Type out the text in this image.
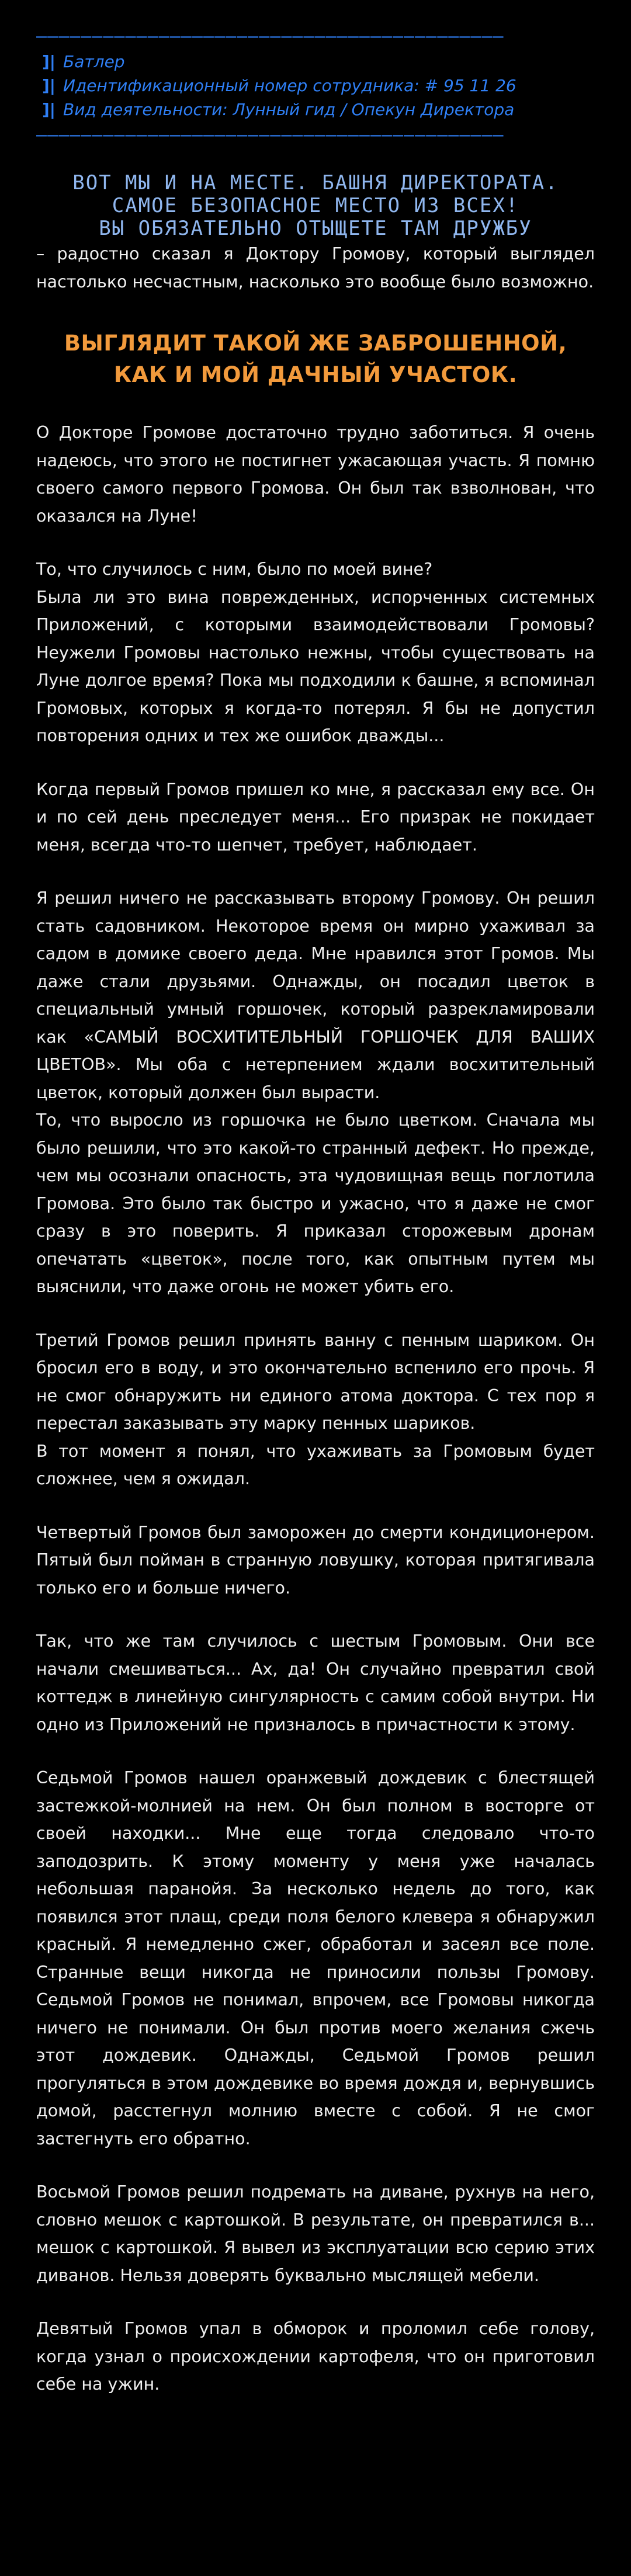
——————————————————————————————————————————
]| Батлер
]| Идентификационный номер сотрудника: # 95 11 26
]| Вид деятельности: Лунный гид / Опекун Директора
——————————————————————————————————————————
ВОТ МЫ И НА МЕСТЕ. БАШНЯ ДИРЕКТОРАТА.
САМОЕ БЕЗОПАСНОЕ МЕСТО ИЗ ВСЕХ!
ВЫ ОБЯЗАТЕЛЬНО ОТЫЩЕТЕ ТАМ ДРУЖБУ

– радостно сказал я Доктору Громову, который выглядел настолько несчастным, насколько это вообще было возможно.

ВЫГЛЯДИТ ТАКОЙ ЖЕ ЗАБРОШЕННОЙ,
КАК И МОЙ ДАЧНЫЙ УЧАСТОК.

О Докторе Громове достаточно трудно заботиться. Я очень надеюсь, что этого не постигнет ужасающая участь. Я помню своего самого первого Громова. Он был так взволнован, что оказался на Луне!

То, что случилось с ним, было по моей вине?

Была ли это вина поврежденных, испорченных системных Приложений, с которыми взаимодействовали Громовы? Неужели Громовы настолько нежны, чтобы существовать на Луне долгое время? Пока мы подходили к башне, я вспоминал Громовых, которых я когда-то потерял. Я бы не допустил повторения одних и тех же ошибок дважды...

Когда первый Громов пришел ко мне, я рассказал ему все. Он и по сей день преследует меня... Его призрак не покидает меня, всегда что-то шепчет, требует, наблюдает.

Я решил ничего не рассказывать второму Громову. Он решил стать садовником. Некоторое время он мирно ухаживал за садом в домике своего деда. Мне нравился этот Громов. Мы даже стали друзьями. Однажды, он посадил цветок в специальный умный горшочек, который разрекламировали как «САМЫЙ ВОСХИТИТЕЛЬНЫЙ ГОРШОЧЕК ДЛЯ ВАШИХ ЦВЕТОВ». Мы оба с нетерпением ждали восхитительный цветок, который должен был вырасти.

То, что выросло из горшочка не было цветком. Сначала мы было решили, что это какой-то странный дефект. Но прежде, чем мы осознали опасность, эта чудовищная вещь поглотила Громова. Это было так быстро и ужасно, что я даже не смог сразу в это поверить. Я приказал сторожевым дронам опечатать «цветок», после того, как опытным путем мы выяснили, что даже огонь не может убить его.

Третий Громов решил принять ванну с пенным шариком. Он бросил его в воду, и это окончательно вспенило его прочь. Я не смог обнаружить ни единого атома доктора. С тех пор я перестал заказывать эту марку пенных шариков.

В тот момент я понял, что ухаживать за Громовым будет сложнее, чем я ожидал.

Четвертый Громов был заморожен до смерти кондиционером. Пятый был пойман в странную ловушку, которая притягивала только его и больше ничего.

Так, что же там случилось с шестым Громовым. Они все начали смешиваться... Ах, да! Он случайно превратил свой коттедж в линейную сингулярность с самим собой внутри. Ни одно из Приложений не призналось в причастности к этому.

Седьмой Громов нашел оранжевый дождевик с блестящей застежкой-молнией на нем. Он был полном в восторге от своей находки... Мне еще тогда следовало что-то заподозрить. К этому моменту у меня уже началась небольшая паранойя. За несколько недель до того, как появился этот плащ, среди поля белого клевера я обнаружил красный. Я немедленно сжег, обработал и засеял все поле. Странные вещи никогда не приносили пользы Громову. Седьмой Громов не понимал, впрочем, все Громовы никогда ничего не понимали. Он был против моего желания сжечь этот дождевик. Однажды, Седьмой Громов решил прогуляться в этом дождевике во время дождя и, вернувшись домой, расстегнул молнию вместе с собой. Я не смог застегнуть его обратно.

Восьмой Громов решил подремать на диване, рухнув на него, словно мешок с картошкой. В результате, он превратился в... мешок с картошкой. Я вывел из эксплуатации всю серию этих диванов. Нельзя доверять буквально мыслящей мебели.

Девятый Громов упал в обморок и проломил себе голову, когда узнал о происхождении картофеля, что он приготовил себе на ужин.
